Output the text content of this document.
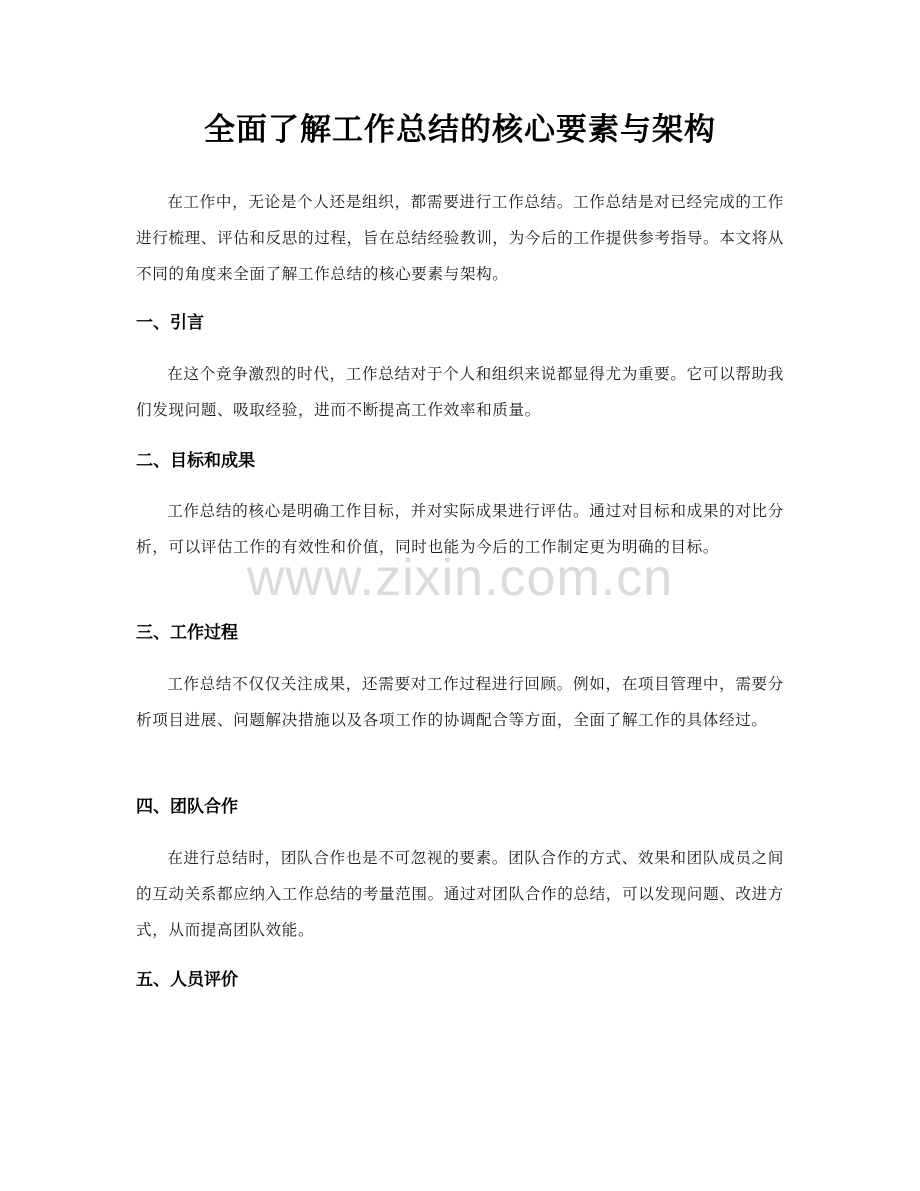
全面了解工作总结的核心要素与架构

在工作中，无论是个人还是组织，都需要进行工作总结。工作总结是对已经完成的工作进行梳理、评估和反思的过程，旨在总结经验教训，为今后的工作提供参考指导。本文将从不同的角度来全面了解工作总结的核心要素与架构。

一、引言

在这个竞争激烈的时代，工作总结对于个人和组织来说都显得尤为重要。它可以帮助我们发现问题、吸取经验，进而不断提高工作效率和质量。

二、目标和成果

工作总结的核心是明确工作目标，并对实际成果进行评估。通过对目标和成果的对比分析，可以评估工作的有效性和价值，同时也能为今后的工作制定更为明确的目标。

三、工作过程

工作总结不仅仅关注成果，还需要对工作过程进行回顾。例如，在项目管理中，需要分析项目进展、问题解决措施以及各项工作的协调配合等方面，全面了解工作的具体经过。

四、团队合作

在进行总结时，团队合作也是不可忽视的要素。团队合作的方式、效果和团队成员之间的互动关系都应纳入工作总结的考量范围。通过对团队合作的总结，可以发现问题、改进方式，从而提高团队效能。

五、人员评价
www.zixin.com.cn
